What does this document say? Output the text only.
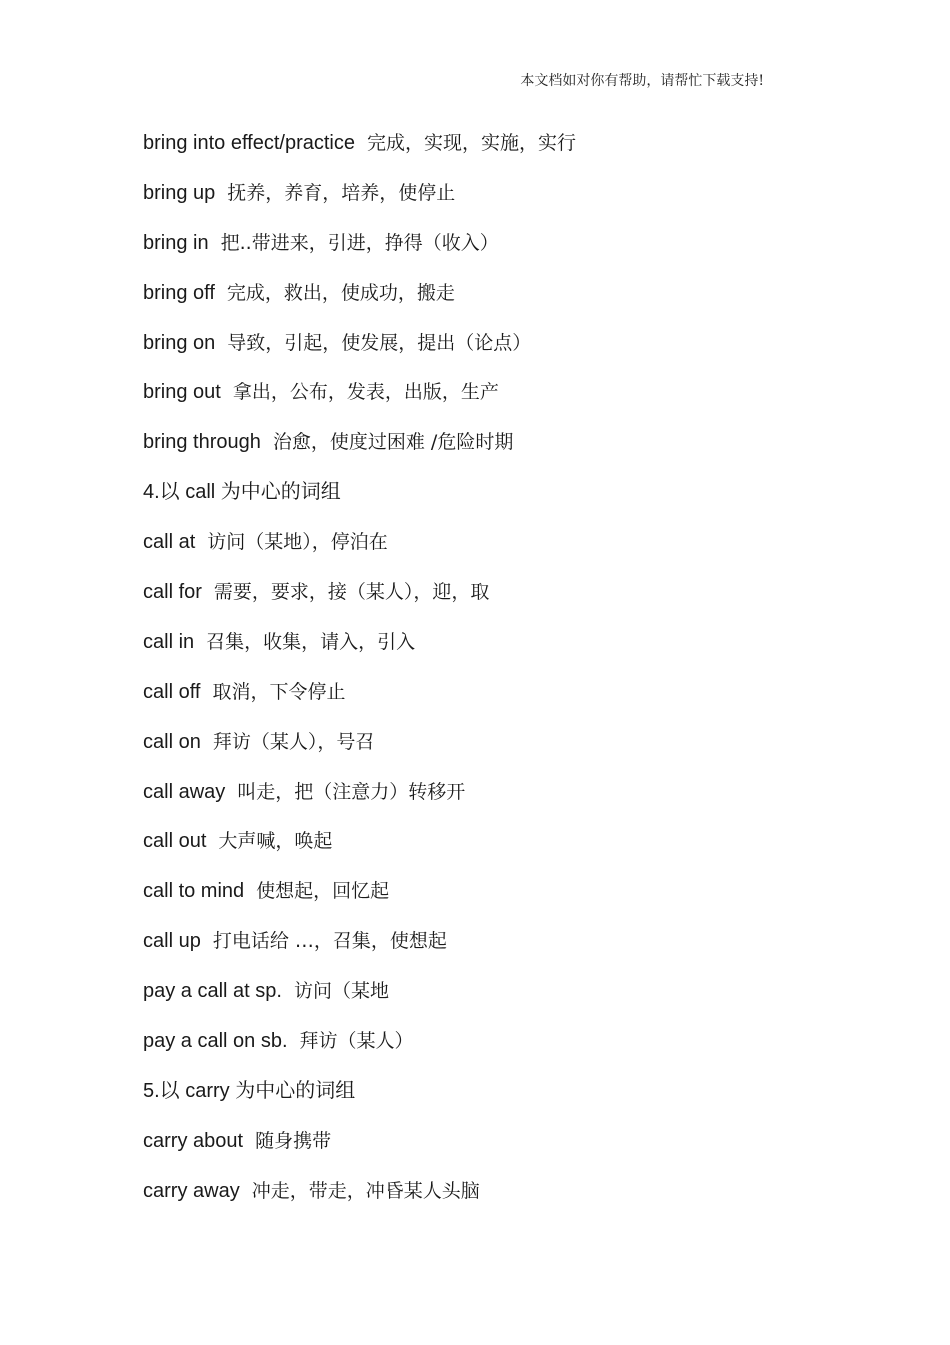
本文档如对你有帮助，请帮忙下载支持!
bring into effect/practice 完成，实现，实施，实行
bring up 抚养，养育，培养，使停止
bring in 把..带进来，引进，挣得（收入）
bring off 完成，救出，使成功，搬走
bring on 导致，引起，使发展，提出（论点）
bring out 拿出，公布，发表，出版，生产
bring through 治愈，使度过困难 /危险时期
4.以 call 为中心的词组
call at 访问（某地），停泊在
call for 需要，要求，接（某人），迎，取
call in 召集，收集，请入，引入
call off 取消，下令停止
call on 拜访（某人），号召
call away 叫走，把（注意力）转移开
call out 大声喊，唤起
call to mind 使想起，回忆起
call up 打电话给 …，召集，使想起
pay a call at sp. 访问（某地
pay a call on sb. 拜访（某人）
5.以 carry 为中心的词组
carry about 随身携带
carry away 冲走，带走，冲昏某人头脑
